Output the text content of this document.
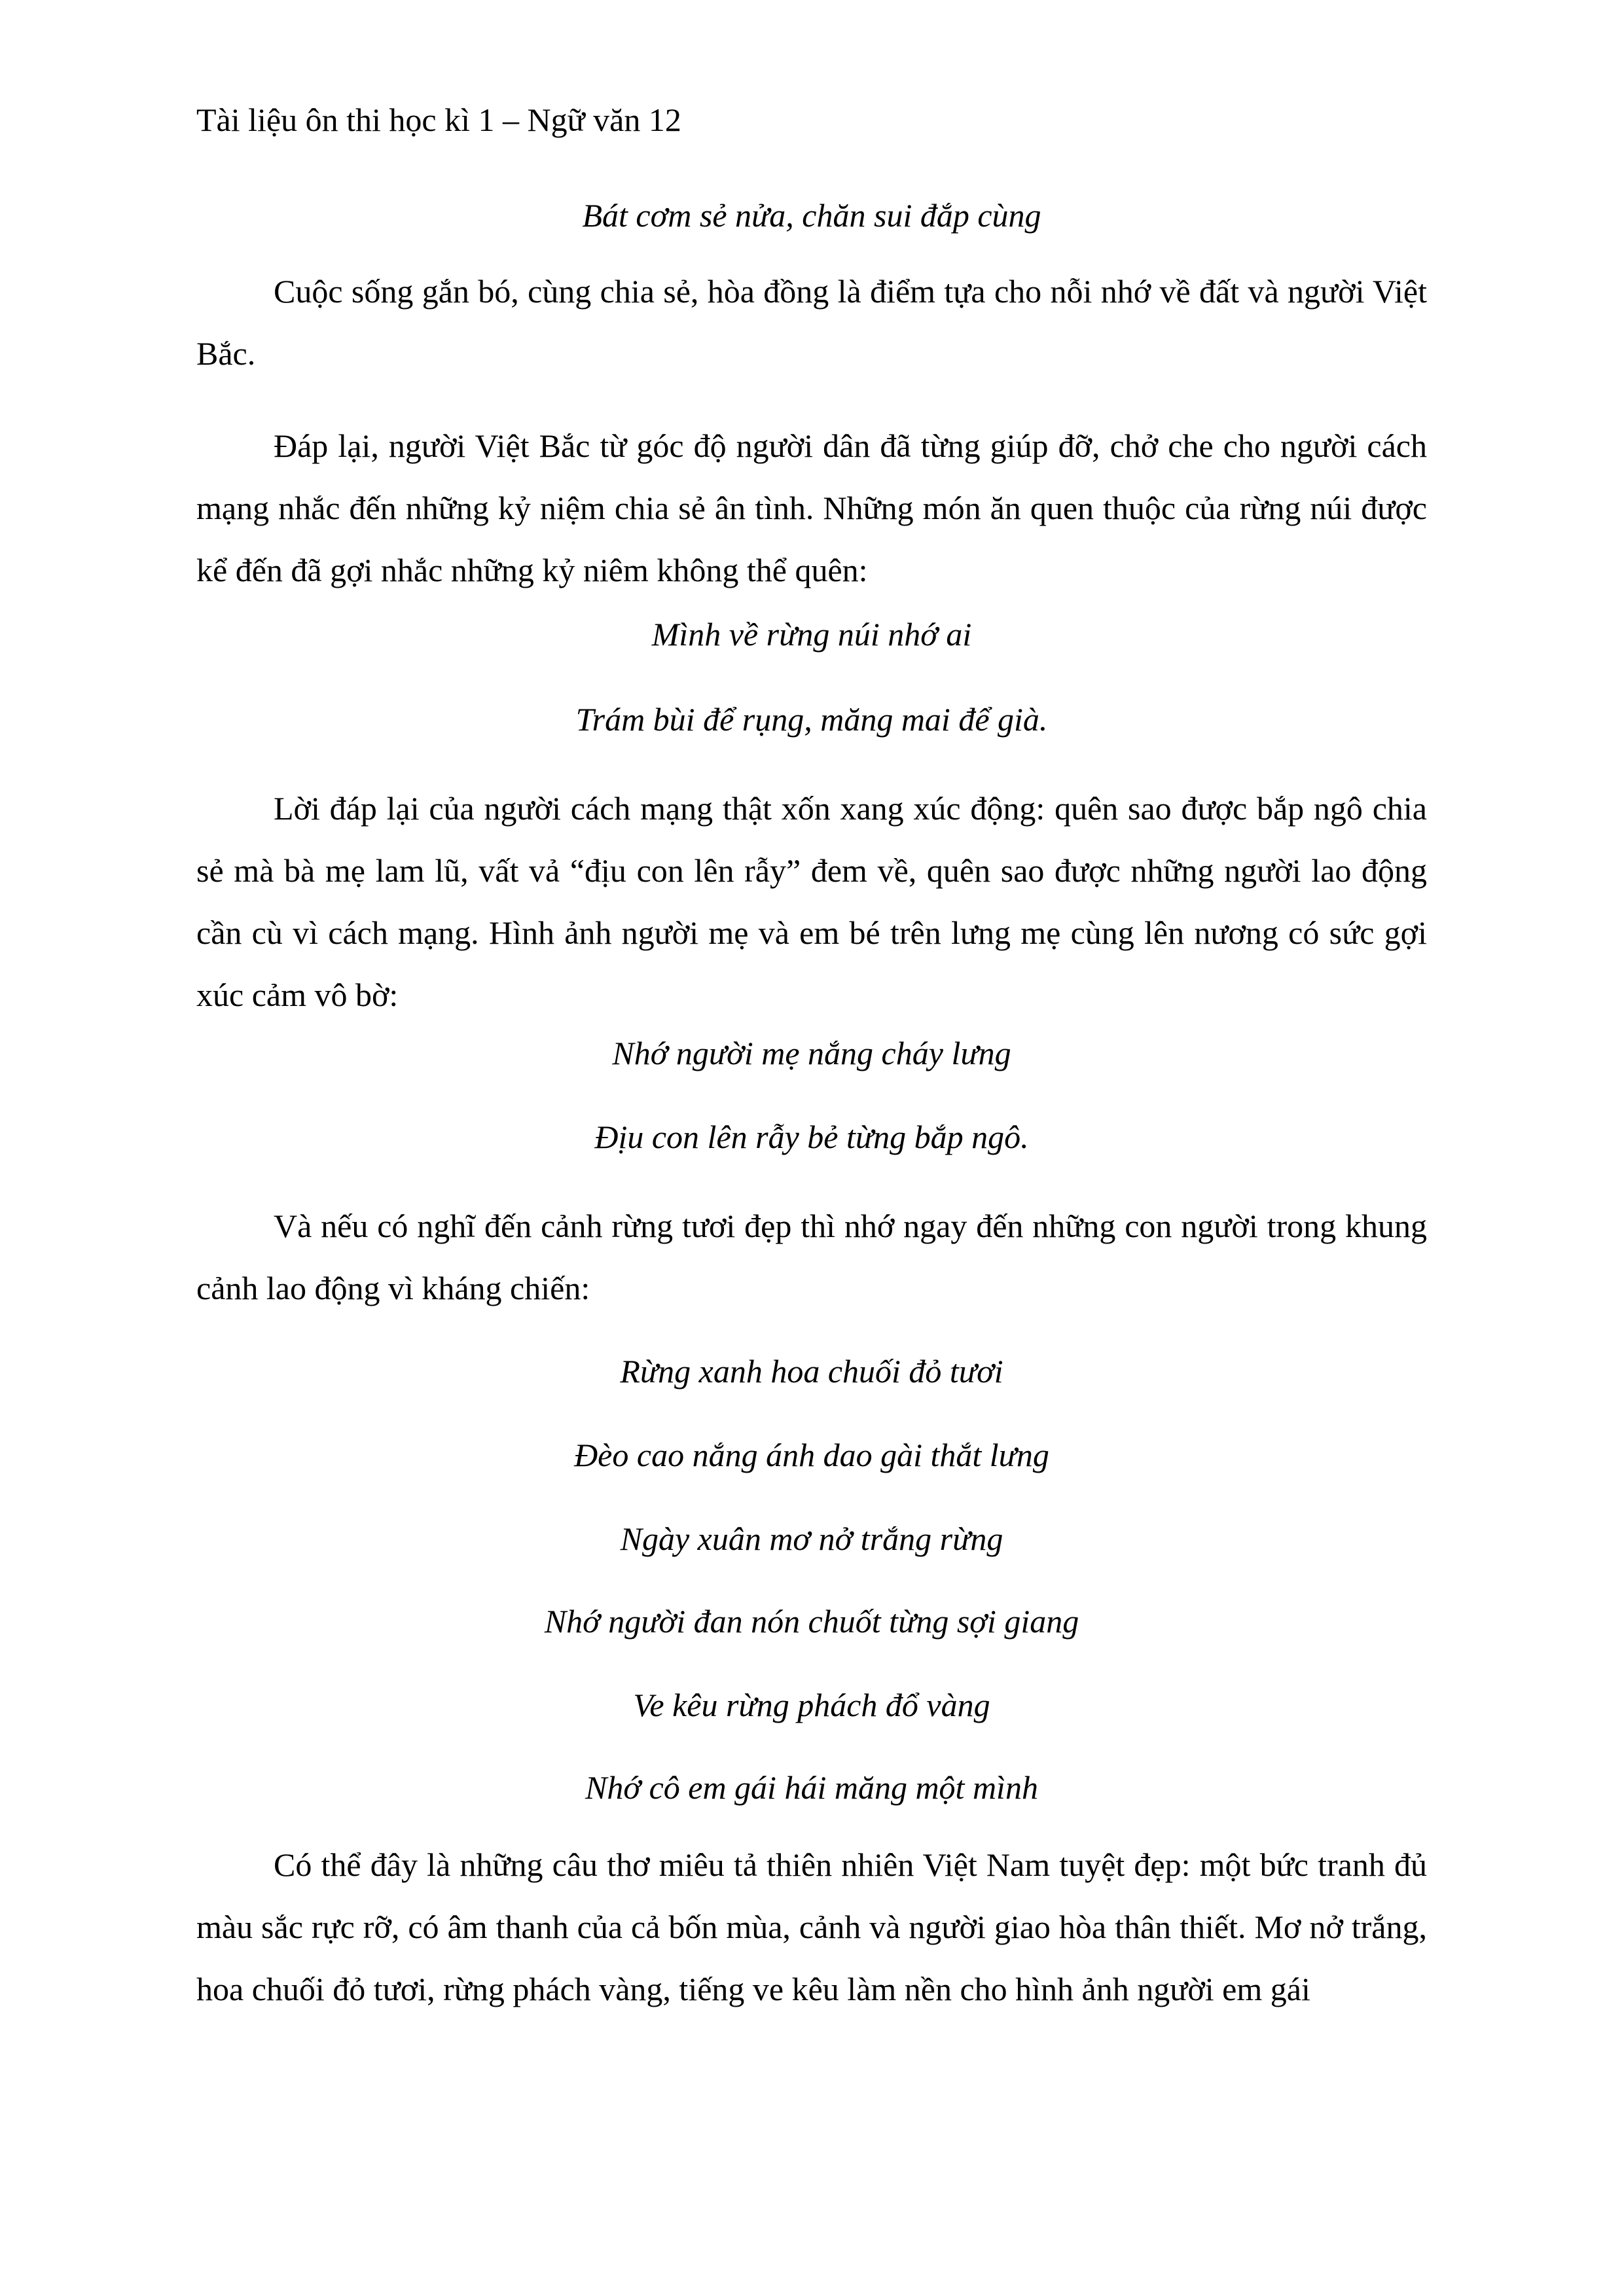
Tài liệu ôn thi học kì 1 – Ngữ văn 12
Bát cơm sẻ nửa, chăn sui đắp cùng
Cuộc sống gắn bó, cùng chia sẻ, hòa đồng là điểm tựa cho nỗi nhớ về đất và người Việt Bắc.
Đáp lại, người Việt Bắc từ góc độ người dân đã từng giúp đỡ, chở che cho người cách mạng nhắc đến những kỷ niệm chia sẻ ân tình. Những món ăn quen thuộc của rừng núi được kể đến đã gợi nhắc những kỷ niêm không thể quên:
Mình về rừng núi nhớ ai
Trám bùi để rụng, măng mai để già.
Lời đáp lại của người cách mạng thật xốn xang xúc động: quên sao được bắp ngô chia sẻ mà bà mẹ lam lũ, vất vả “địu con lên rẫy” đem về, quên sao được những người lao động cần cù vì cách mạng. Hình ảnh người mẹ và em bé trên lưng mẹ cùng lên nương có sức gợi xúc cảm vô bờ:
Nhớ người mẹ nắng cháy lưng
Địu con lên rẫy bẻ từng bắp ngô.
Và nếu có nghĩ đến cảnh rừng tươi đẹp thì nhớ ngay đến những con người trong khung cảnh lao động vì kháng chiến:
Rừng xanh hoa chuối đỏ tươi
Đèo cao nắng ánh dao gài thắt lưng
Ngày xuân mơ nở trắng rừng
Nhớ người đan nón chuốt từng sợi giang
Ve kêu rừng phách đổ vàng
Nhớ cô em gái hái măng một mình
Có thể đây là những câu thơ miêu tả thiên nhiên Việt Nam tuyệt đẹp: một bức tranh đủ màu sắc rực rỡ, có âm thanh của cả bốn mùa, cảnh và người giao hòa thân thiết. Mơ nở trắng, hoa chuối đỏ tươi, rừng phách vàng, tiếng ve kêu làm nền cho hình ảnh người em gái
